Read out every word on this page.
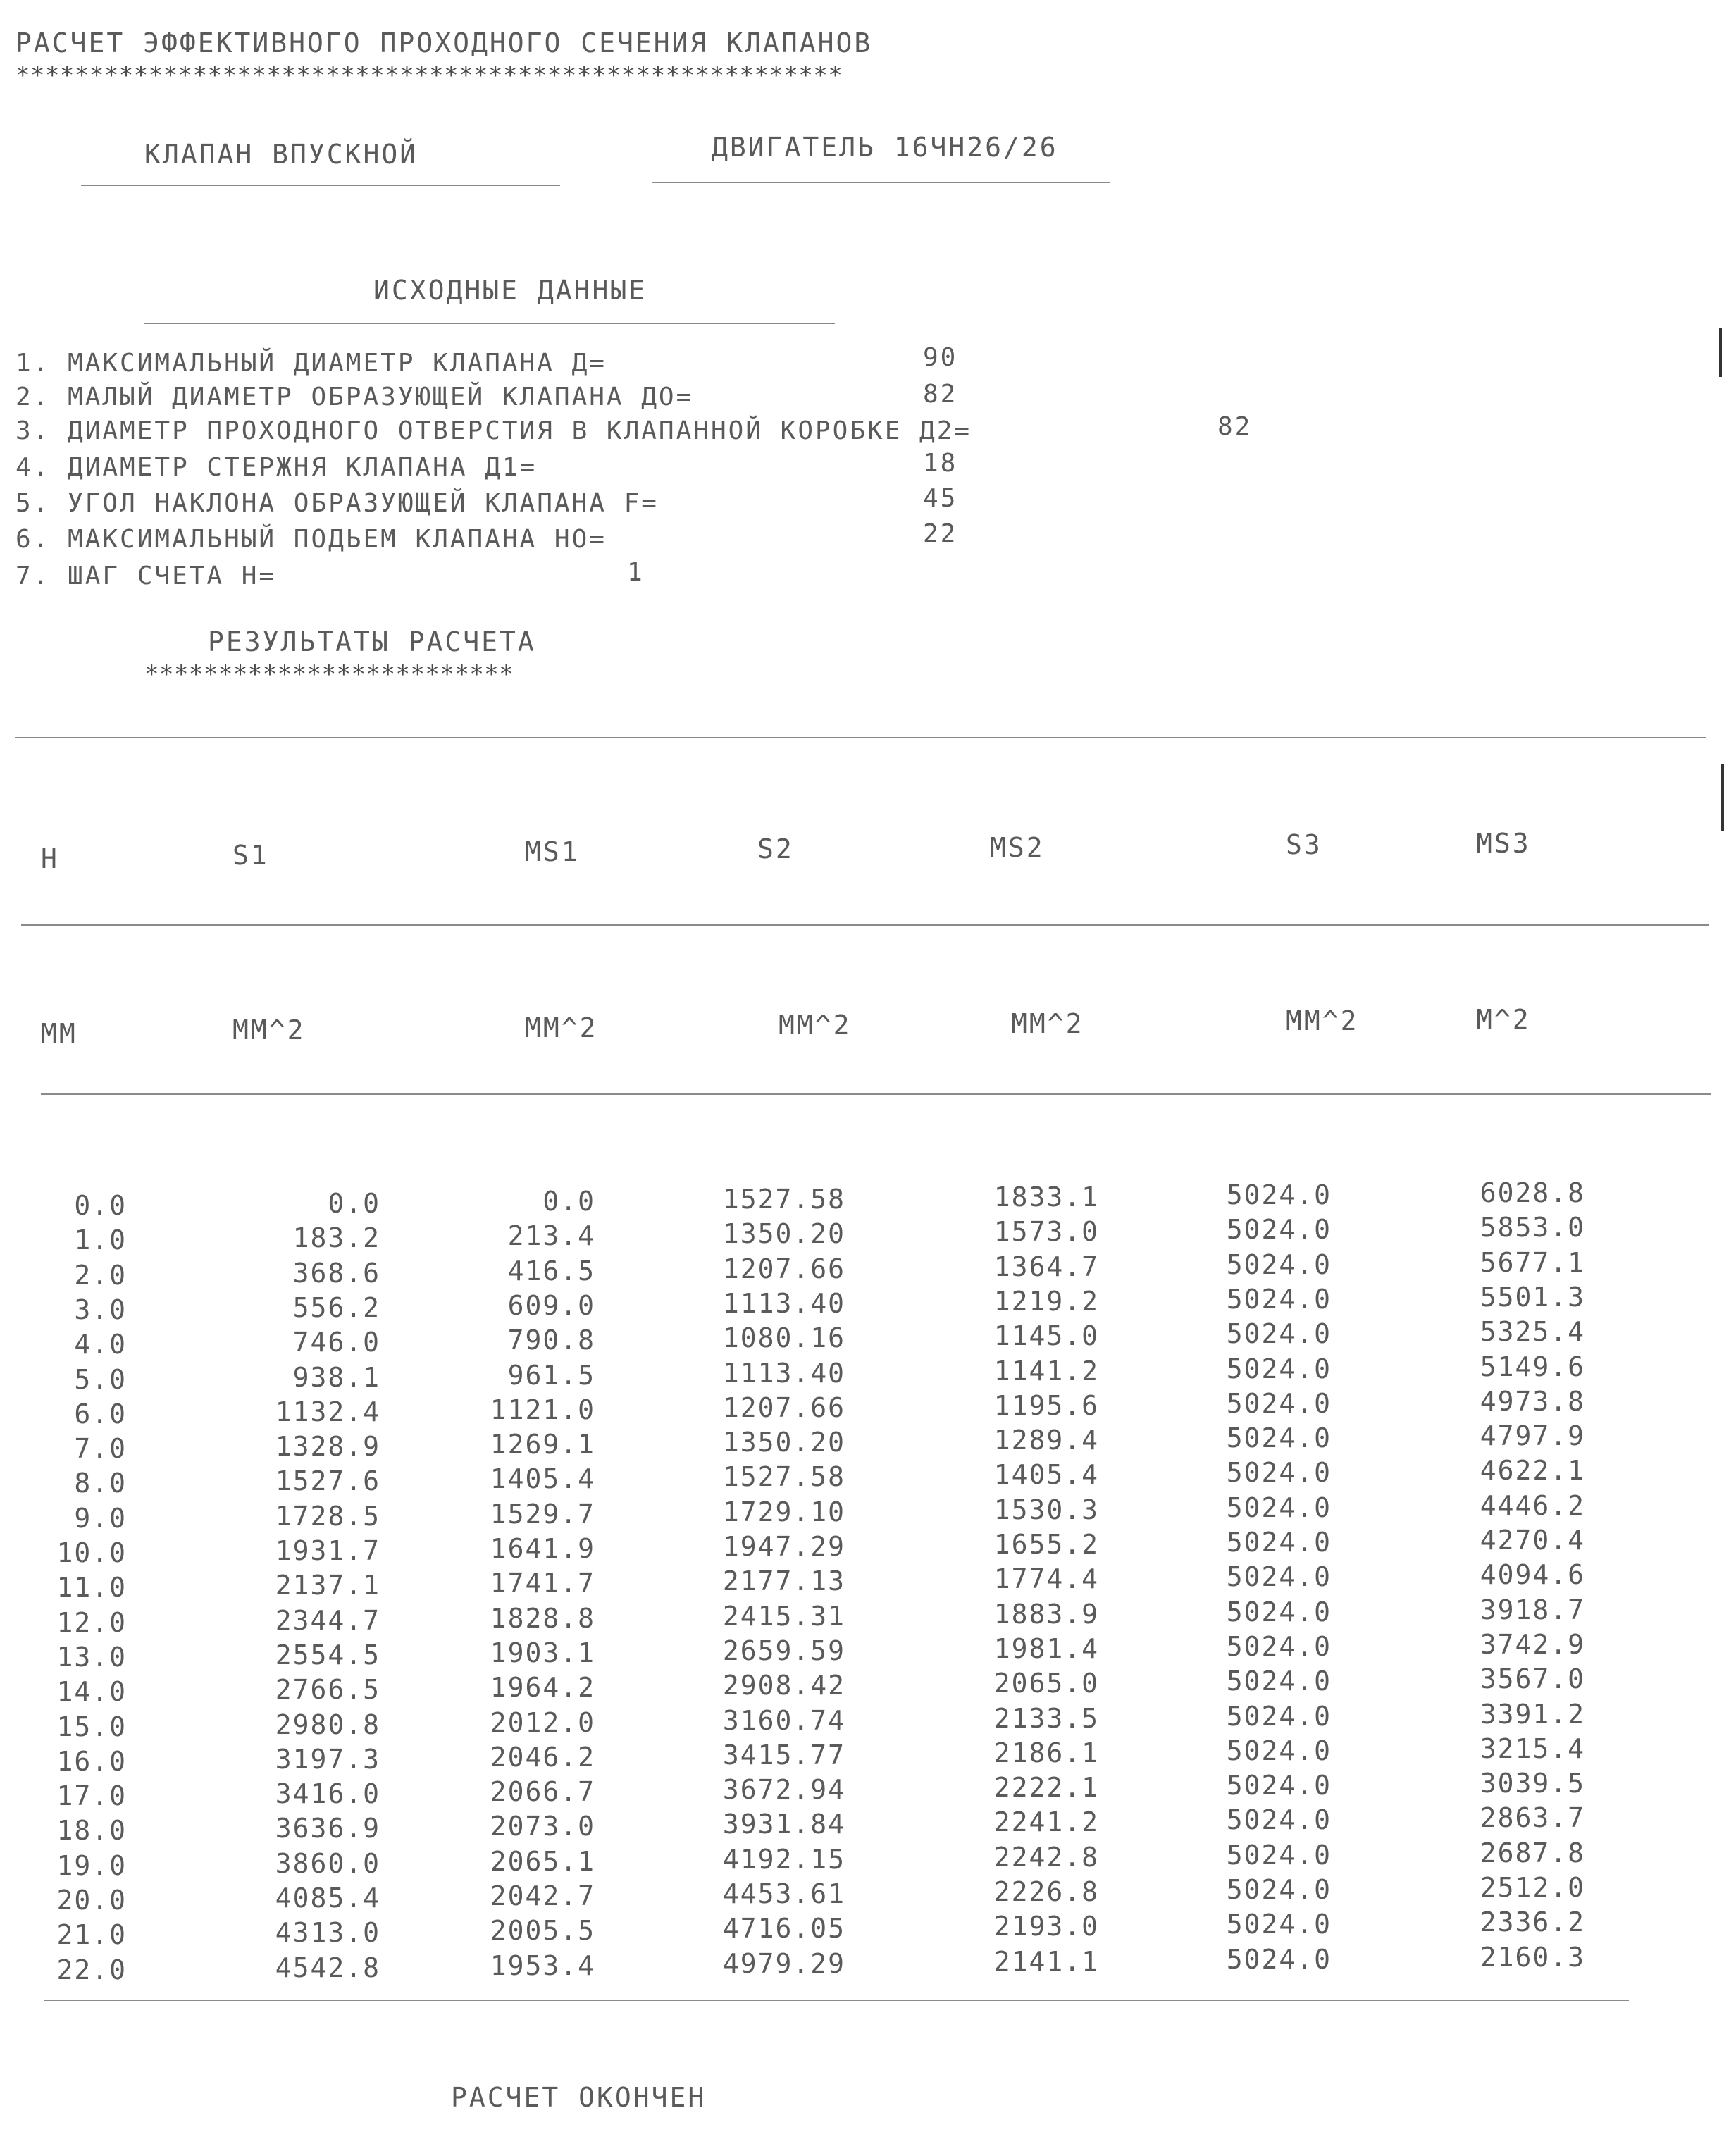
РАСЧЕТ ЭФФЕКТИВНОГО ПРОХОДНОГО СЕЧЕНИЯ КЛАПАНОВ
********************************************************
КЛАПАН ВПУСКНОЙ	ДВИГАТЕЛЬ 16ЧН26/26
ИСХОДНЫЕ ДАННЫЕ
1. МАКСИМАЛЬНЫЙ ДИАМЕТР КЛАПАНА Д=	90
2. МАЛЫЙ ДИАМЕТР ОБРАЗУЮЩЕЙ КЛАПАНА ДО=	82
3. ДИАМЕТР ПРОХОДНОГО ОТВЕРСТИЯ В КЛАПАННОЙ КОРОБКЕ Д2=	82
4. ДИАМЕТР СТЕРЖНЯ КЛАПАНА Д1=	18
5. УГОЛ НАКЛОНА ОБРАЗУЮЩЕЙ КЛАПАНА F=	45
6. МАКСИМАЛЬНЫЙ ПОДЬЕМ КЛАПАНА НО=	22
7. ШАГ СЧЕТА Н=	1
РЕЗУЛЬТАТЫ РАСЧЕТА
*************************
Н	S1	MS1	S2	MS2	S3	MS3
ММ	ММ^2	ММ^2	ММ^2	ММ^2	ММ^2	М^2
0.0	0.0	0.0	1527.58	1833.1	5024.0	6028.8
1.0	183.2	213.4	1350.20	1573.0	5024.0	5853.0
2.0	368.6	416.5	1207.66	1364.7	5024.0	5677.1
3.0	556.2	609.0	1113.40	1219.2	5024.0	5501.3
4.0	746.0	790.8	1080.16	1145.0	5024.0	5325.4
5.0	938.1	961.5	1113.40	1141.2	5024.0	5149.6
6.0	1132.4	1121.0	1207.66	1195.6	5024.0	4973.8
7.0	1328.9	1269.1	1350.20	1289.4	5024.0	4797.9
8.0	1527.6	1405.4	1527.58	1405.4	5024.0	4622.1
9.0	1728.5	1529.7	1729.10	1530.3	5024.0	4446.2
10.0	1931.7	1641.9	1947.29	1655.2	5024.0	4270.4
11.0	2137.1	1741.7	2177.13	1774.4	5024.0	4094.6
12.0	2344.7	1828.8	2415.31	1883.9	5024.0	3918.7
13.0	2554.5	1903.1	2659.59	1981.4	5024.0	3742.9
14.0	2766.5	1964.2	2908.42	2065.0	5024.0	3567.0
15.0	2980.8	2012.0	3160.74	2133.5	5024.0	3391.2
16.0	3197.3	2046.2	3415.77	2186.1	5024.0	3215.4
17.0	3416.0	2066.7	3672.94	2222.1	5024.0	3039.5
18.0	3636.9	2073.0	3931.84	2241.2	5024.0	2863.7
19.0	3860.0	2065.1	4192.15	2242.8	5024.0	2687.8
20.0	4085.4	2042.7	4453.61	2226.8	5024.0	2512.0
21.0	4313.0	2005.5	4716.05	2193.0	5024.0	2336.2
22.0	4542.8	1953.4	4979.29	2141.1	5024.0	2160.3
РАСЧЕТ ОКОНЧЕН
